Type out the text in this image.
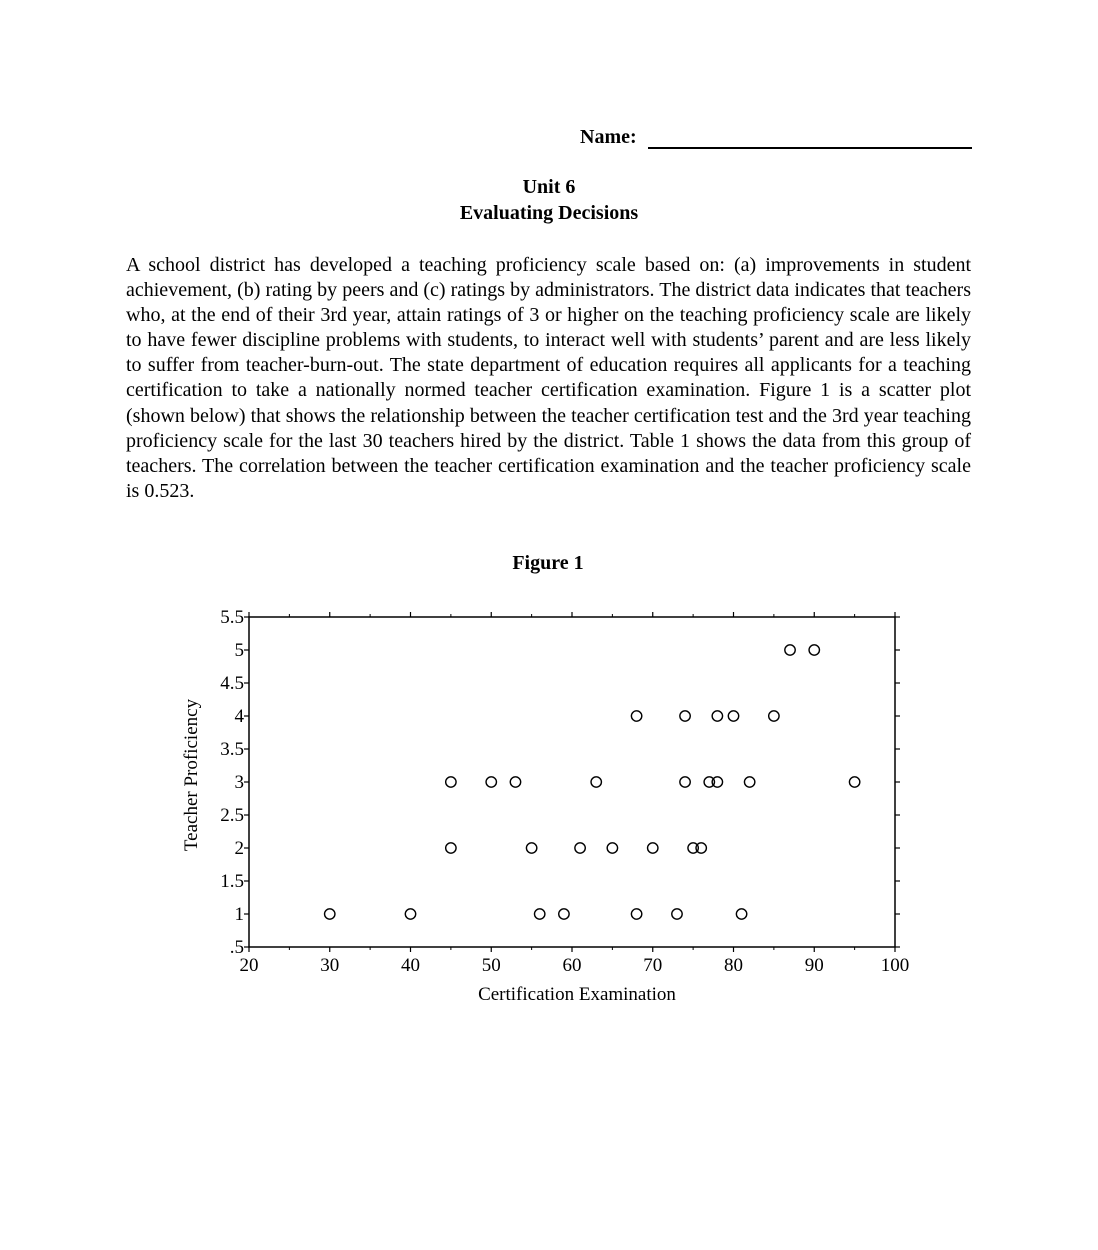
Name:
Unit 6
Evaluating Decisions

A school district has developed a teaching proficiency scale based on: (a) improvements in student achievement, (b) rating by peers and (c) ratings by administrators. The district data indicates that teachers who, at the end of their 3rd year, attain ratings of 3 or higher on the teaching proficiency scale are likely to have fewer discipline problems with students, to interact well with students’ parent and are less likely to suffer from teacher-burn-out. The state department of education requires all applicants for a teaching certification to take a nationally normed teacher certification examination. Figure 1 is a scatter plot (shown below) that shows the relationship between the teacher certification test and the 3rd year teaching proficiency scale for the last 30 teachers hired by the district. Table 1 shows the data from this group of teachers. The correlation between the teacher certification examination and the teacher proficiency scale is 0.523.

Figure 1
20	30	40	50	60	70	80	90	100
.5
1
1.5
2
2.5
3
3.5
4
4.5
5
5.5
Certification Examination
Teacher Proficiency
